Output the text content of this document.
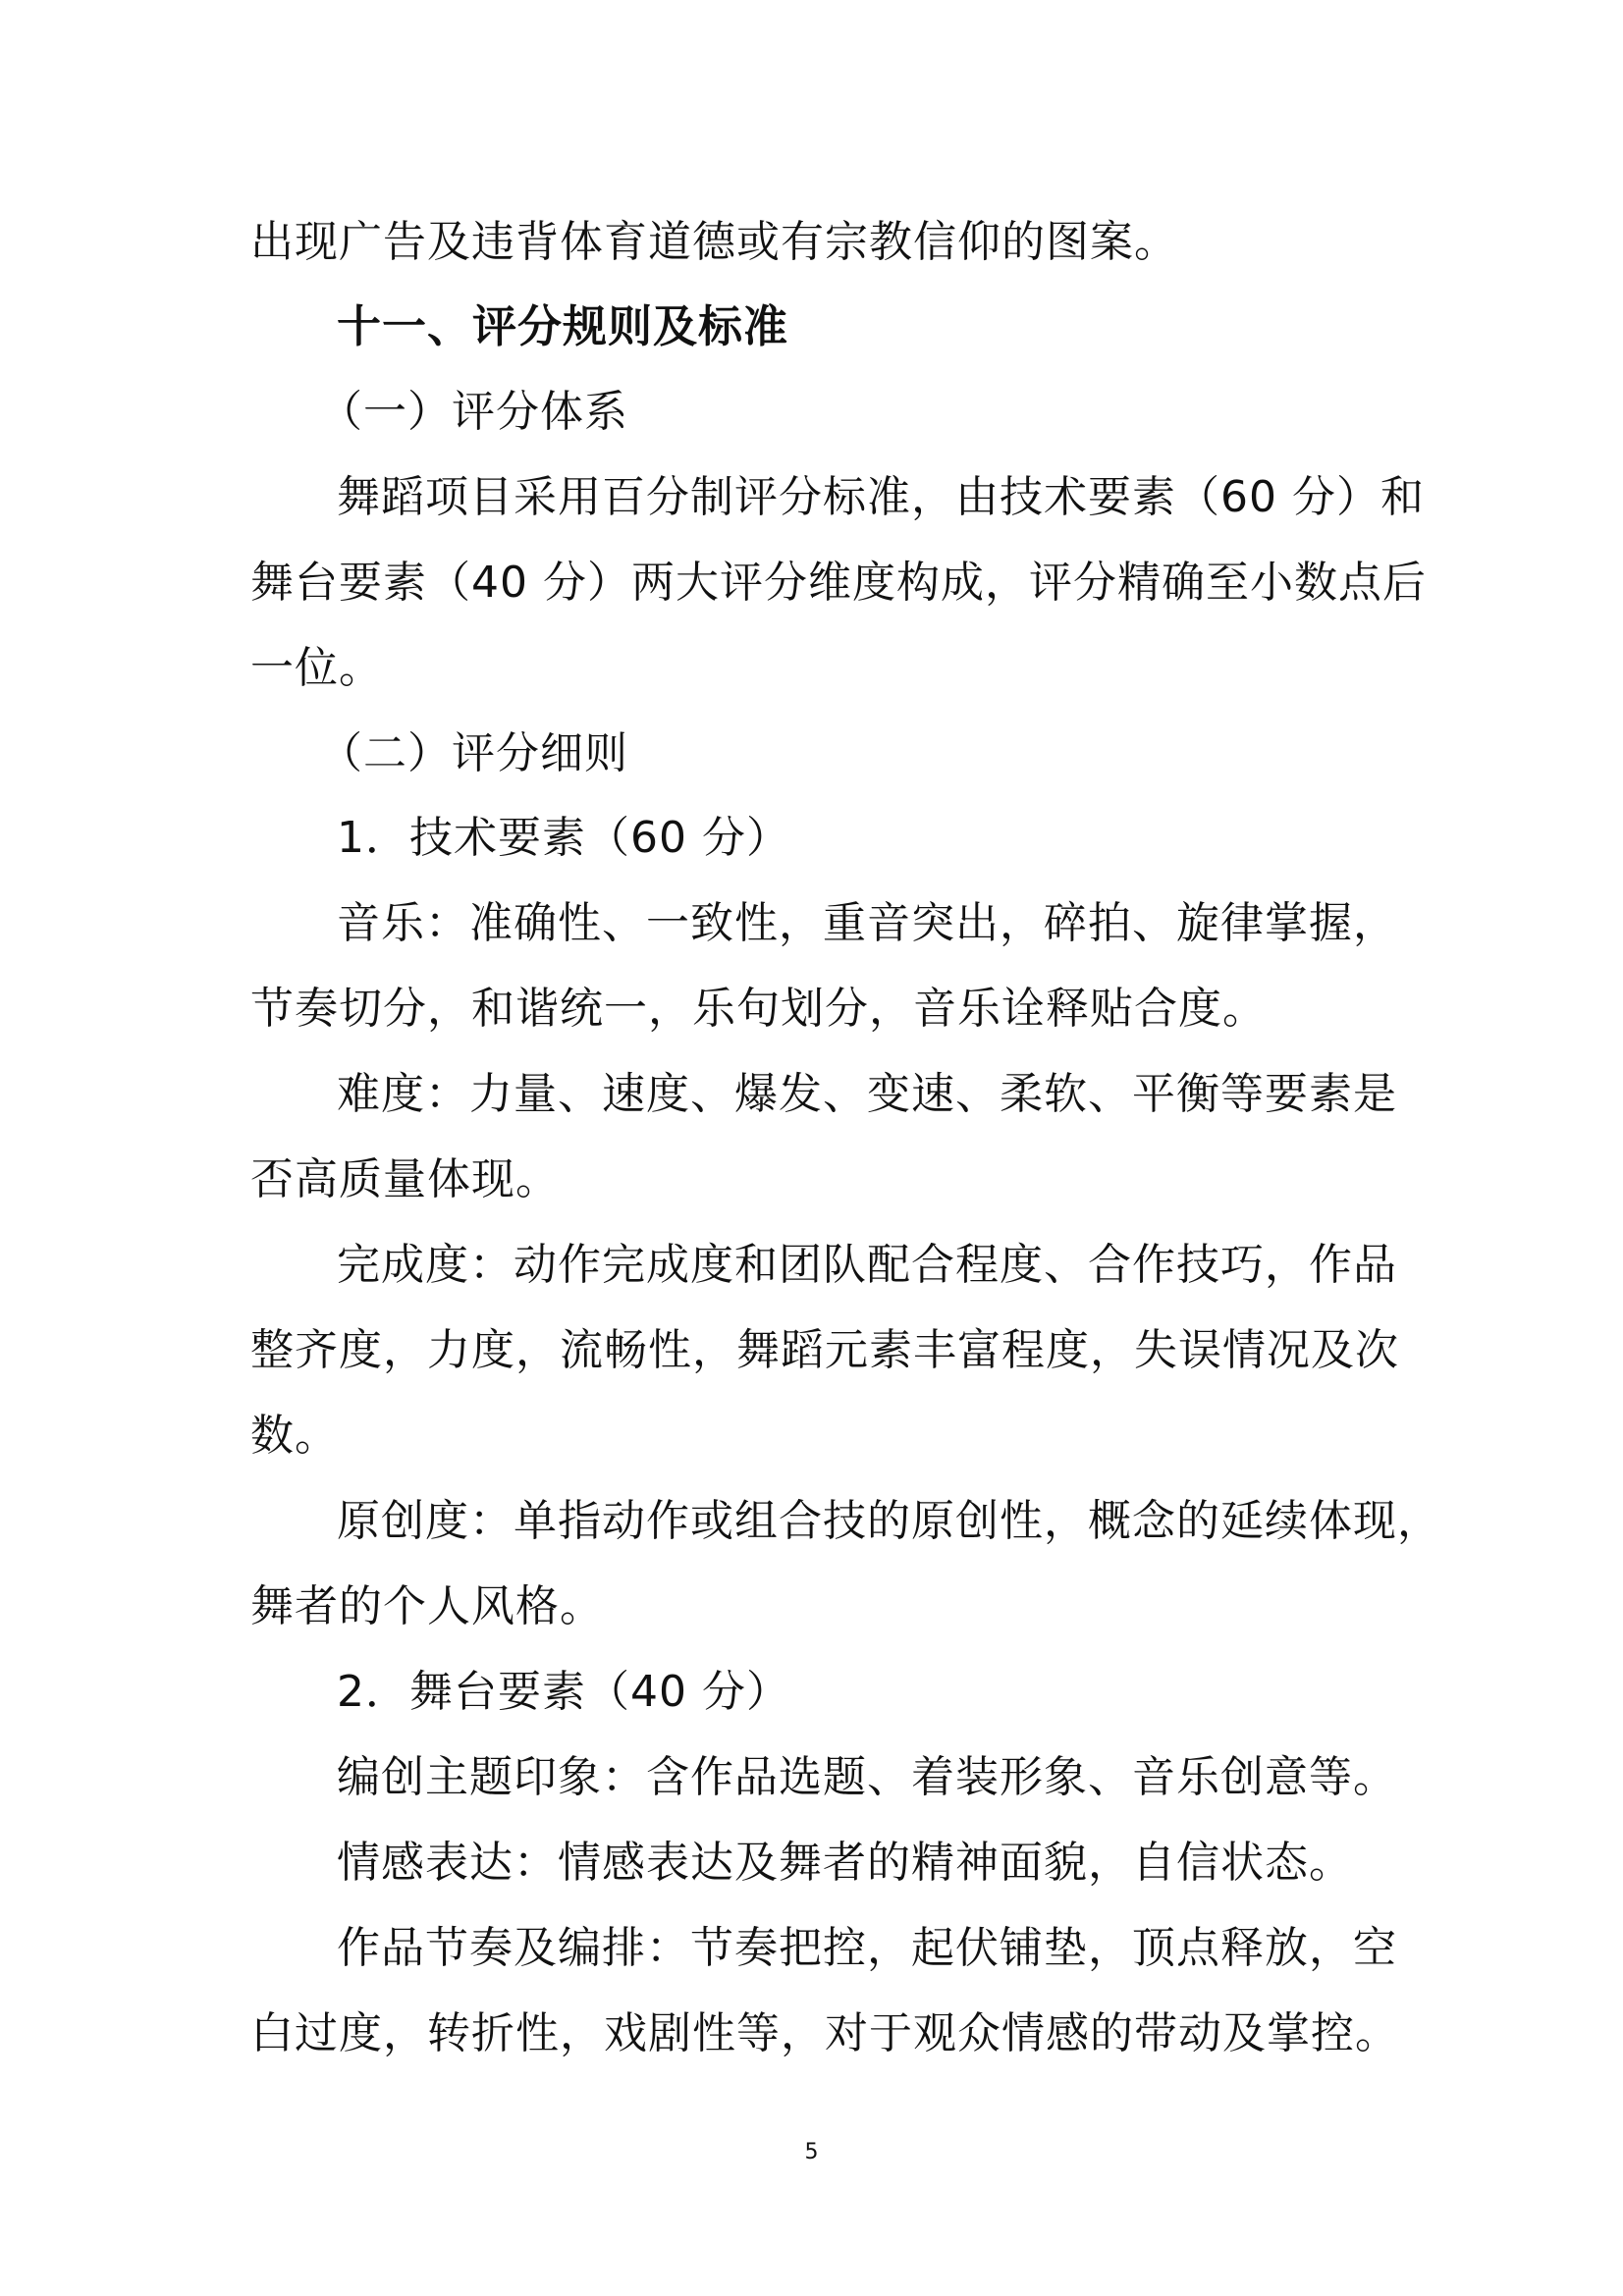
出现广告及违背体育道德或有宗教信仰的图案。
十一、评分规则及标准
（一）评分体系
舞蹈项目采用百分制评分标准，由技术要素（60 分）和
舞台要素（40 分）两大评分维度构成，评分精确至小数点后
一位。
（二）评分细则
1．技术要素（60 分）
音乐：准确性、一致性，重音突出，碎拍、旋律掌握，
节奏切分，和谐统一，乐句划分，音乐诠释贴合度。
难度：力量、速度、爆发、变速、柔软、平衡等要素是
否高质量体现。
完成度：动作完成度和团队配合程度、合作技巧，作品
整齐度，力度，流畅性，舞蹈元素丰富程度，失误情况及次
数。
原创度：单指动作或组合技的原创性，概念的延续体现，
舞者的个人风格。
2．舞台要素（40 分）
编创主题印象：含作品选题、着装形象、音乐创意等。
情感表达：情感表达及舞者的精神面貌，自信状态。
作品节奏及编排：节奏把控，起伏铺垫，顶点释放，空
白过度，转折性，戏剧性等，对于观众情感的带动及掌控。
5
